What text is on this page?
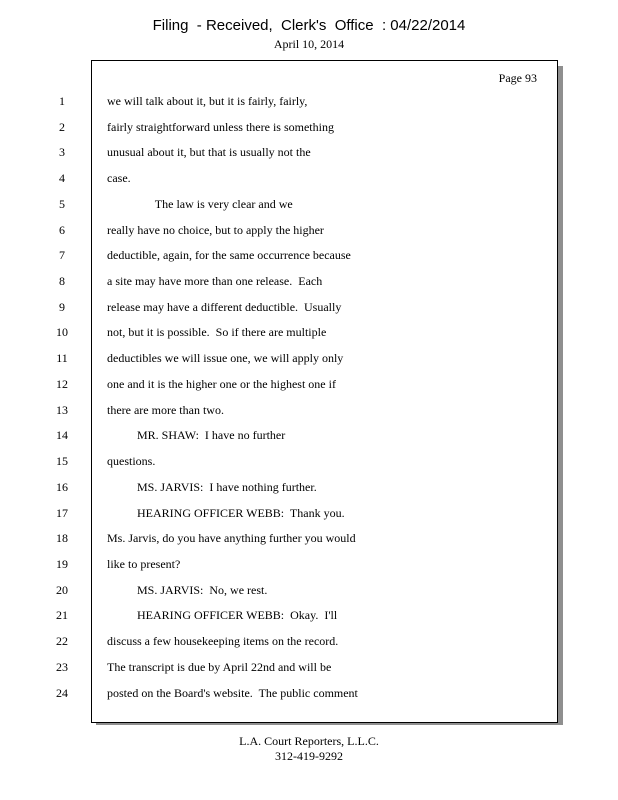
Filing  - Received,  Clerk's  Office  : 04/22/2014
April 10, 2014
Page 93
1	we will talk about it, but it is fairly, fairly,
2	fairly straightforward unless there is something
3	unusual about it, but that is usually not the
4	case.
5	The law is very clear and we
6	really have no choice, but to apply the higher
7	deductible, again, for the same occurrence because
8	a site may have more than one release.  Each
9	release may have a different deductible.  Usually
10	not, but it is possible.  So if there are multiple
11	deductibles we will issue one, we will apply only
12	one and it is the higher one or the highest one if
13	there are more than two.
14	MR. SHAW:  I have no further
15	questions.
16	MS. JARVIS:  I have nothing further.
17	HEARING OFFICER WEBB:  Thank you.
18	Ms. Jarvis, do you have anything further you would
19	like to present?
20	MS. JARVIS:  No, we rest.
21	HEARING OFFICER WEBB:  Okay.  I'll
22	discuss a few housekeeping items on the record.
23	The transcript is due by April 22nd and will be
24	posted on the Board's website.  The public comment
L.A. Court Reporters, L.L.C.
312-419-9292
